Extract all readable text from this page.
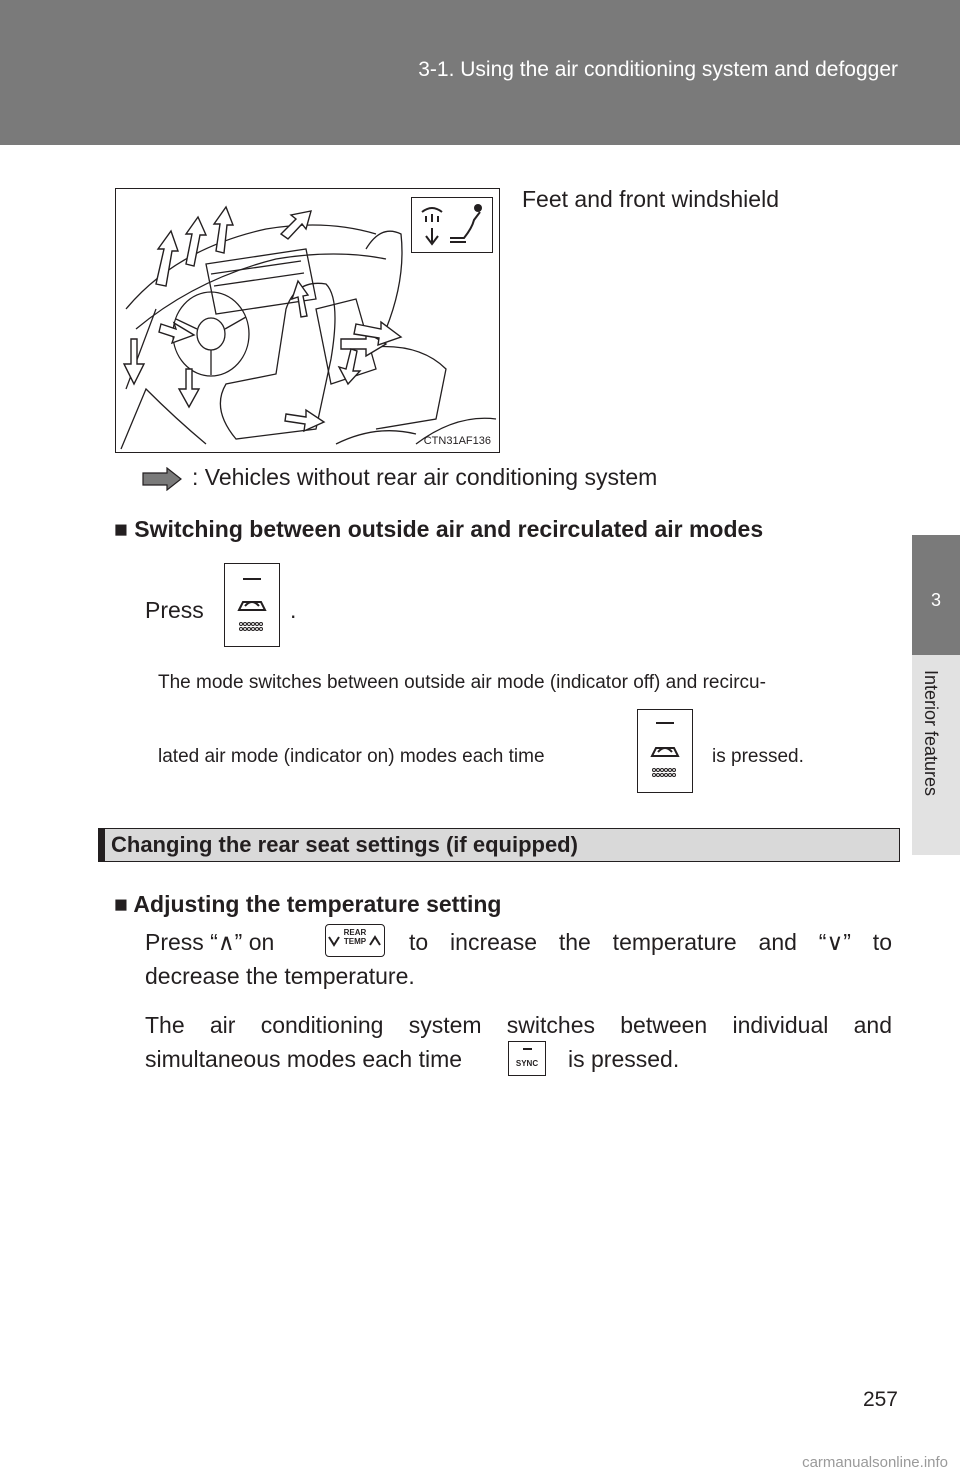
3-1. Using the air conditioning system and defogger
3
Interior features
CTN31AF136
Feet and front windshield
: Vehicles without rear air conditioning system
■ Switching between outside air and recirculated air modes
Press	.
The mode switches between outside air mode (indicator off) and recircu-
lated air mode (indicator on) modes each time	is pressed.
Changing the rear seat settings (if equipped)
■ Adjusting the temperature setting
Press “∧” on	REAR TEMP to increase the temperature and “∨” to
decrease the temperature.
The air conditioning system switches between individual and
simultaneous modes each time	SYNC is pressed.
257
carmanualsonline.info
